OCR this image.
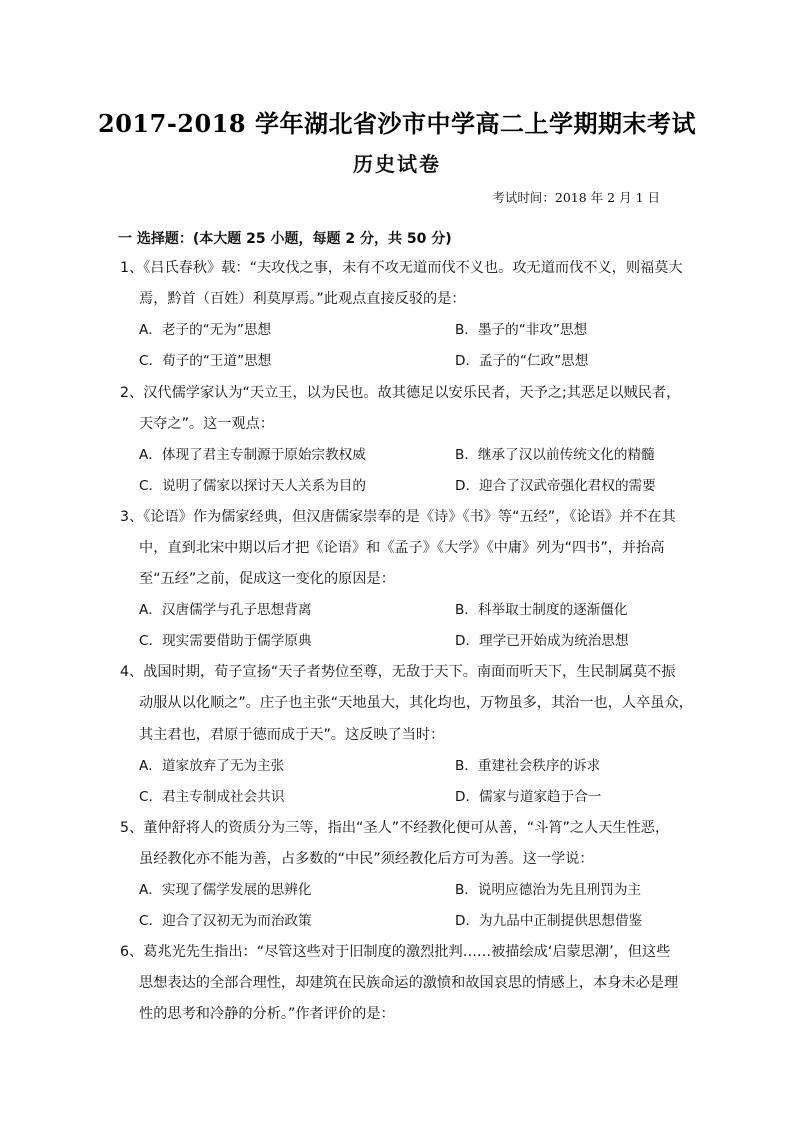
2017-2018 学年湖北省沙市中学高二上学期期末考试
历史试卷
考试时间：2018 年 2 月 1 日
一 选择题：(本大题 25 小题，每题 2 分，共 50 分)
1、《吕氏春秋》载：“夫攻伐之事，未有不攻无道而伐不义也。攻无道而伐不义，则福莫大
焉，黔首（百姓）利莫厚焉。”此观点直接反驳的是：
A．老子的“无为”思想	B．墨子的“非攻”思想
C．荀子的“王道”思想	D．孟子的“仁政”思想
2、汉代儒学家认为“天立王，以为民也。故其德足以安乐民者，天予之;其恶足以贼民者，
天夺之”。这一观点：
A．体现了君主专制源于原始宗教权威	B．继承了汉以前传统文化的精髓
C．说明了儒家以探讨天人关系为目的	D．迎合了汉武帝强化君权的需要
3、《论语》作为儒家经典，但汉唐儒家崇奉的是《诗》《书》等“五经”，《论语》并不在其
中，直到北宋中期以后才把《论语》和《孟子》《大学》《中庸》列为“四书”，并抬高
至“五经”之前，促成这一变化的原因是：
A．汉唐儒学与孔子思想背离	B．科举取士制度的逐渐僵化
C．现实需要借助于儒学原典	D．理学已开始成为统治思想
4、战国时期，荀子宣扬“天子者势位至尊，无敌于天下。南面而听天下，生民制属莫不振
动服从以化顺之”。庄子也主张“天地虽大，其化均也，万物虽多，其治一也，人卒虽众，
其主君也，君原于德而成于天”。这反映了当时：
A．道家放弃了无为主张	B．重建社会秩序的诉求
C．君主专制成社会共识	D．儒家与道家趋于合一
5、董仲舒将人的资质分为三等，指出“圣人”不经教化便可从善，“斗筲”之人天生性恶，
虽经教化亦不能为善，占多数的“中民”须经教化后方可为善。这一学说：
A．实现了儒学发展的思辨化	B．说明应德治为先且刑罚为主
C．迎合了汉初无为而治政策	D．为九品中正制提供思想借鉴
6、葛兆光先生指出：“尽管这些对于旧制度的激烈批判……被描绘成‘启蒙思潮’，但这些
思想表达的全部合理性，却建筑在民族命运的激愤和故国哀思的情感上，本身未必是理
性的思考和冷静的分析。”作者评价的是：
